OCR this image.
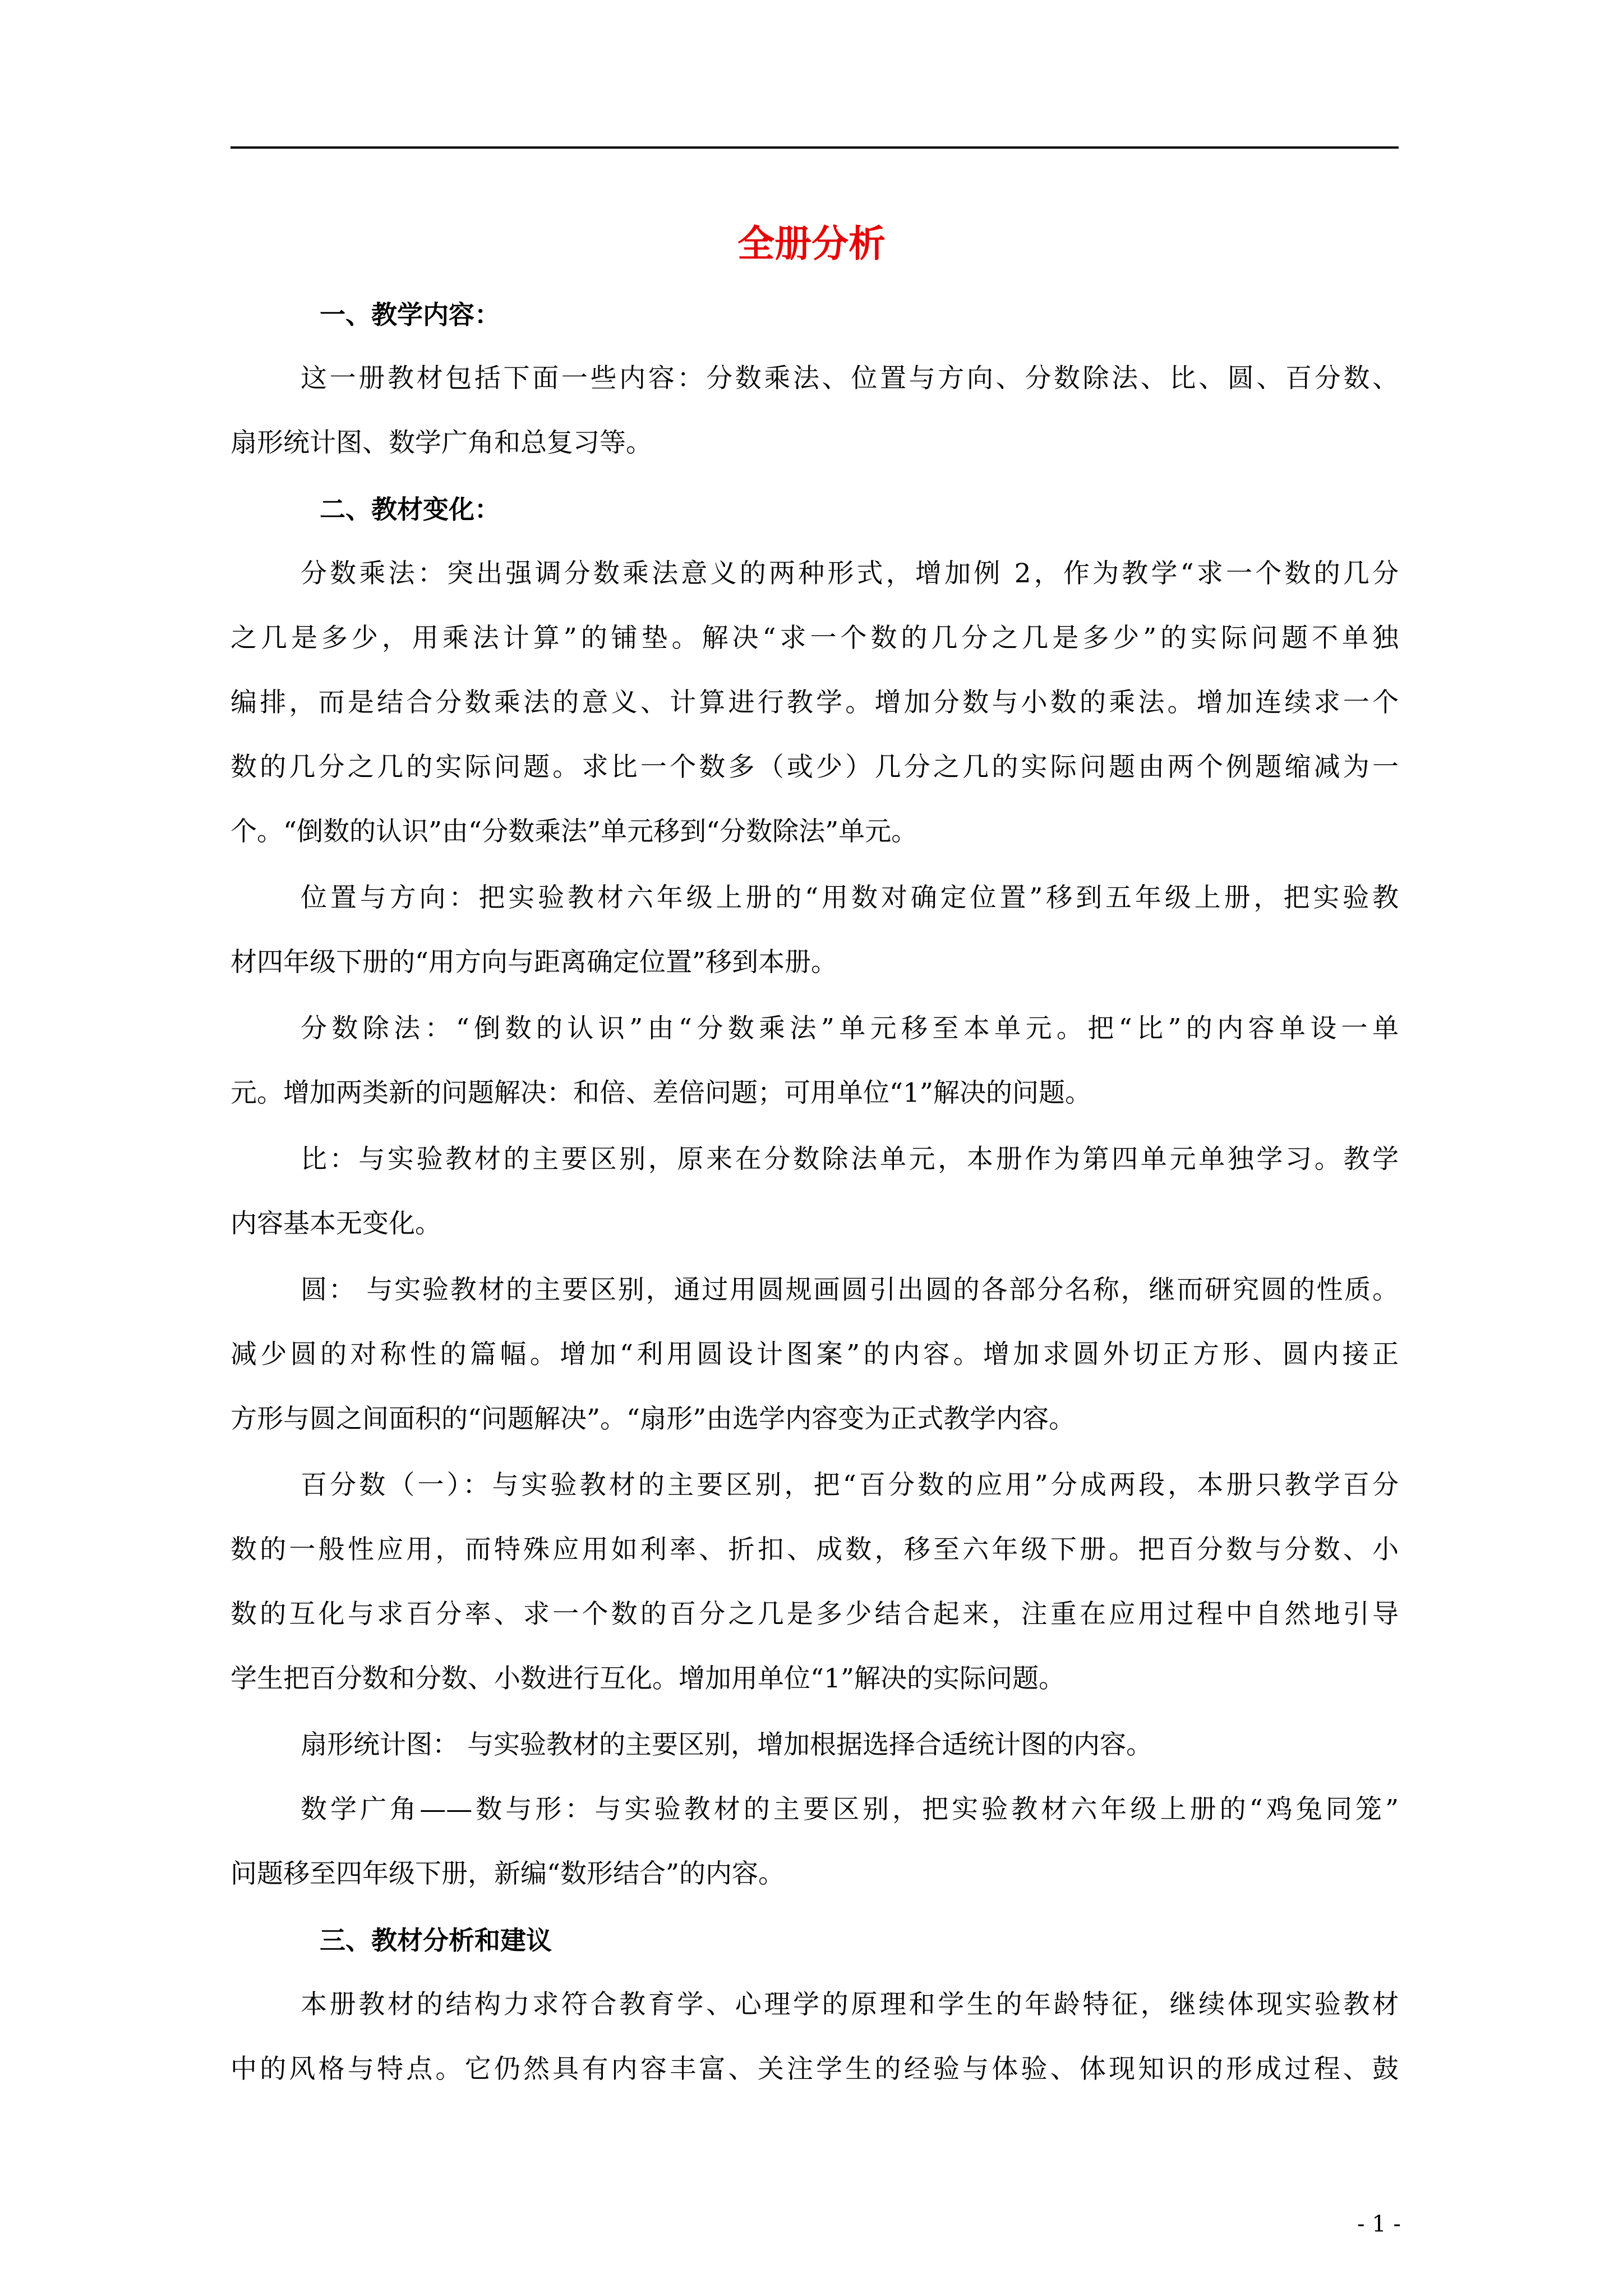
全册分析
一、教学内容：
这一册教材包括下面一些内容：分数乘法、位置与方向、分数除法、比、圆、百分数、
扇形统计图、数学广角和总复习等。
二、教材变化：
分数乘法：突出强调分数乘法意义的两种形式，增加例 2，作为教学“求一个数的几分
之几是多少，用乘法计算”的铺垫。解决“求一个数的几分之几是多少”的实际问题不单独
编排，而是结合分数乘法的意义、计算进行教学。增加分数与小数的乘法。增加连续求一个
数的几分之几的实际问题。求比一个数多（或少）几分之几的实际问题由两个例题缩减为一
个。“倒数的认识”由“分数乘法”单元移到“分数除法”单元。
位置与方向：把实验教材六年级上册的“用数对确定位置”移到五年级上册，把实验教
材四年级下册的“用方向与距离确定位置”移到本册。
分数除法：“倒数的认识”由“分数乘法”单元移至本单元。把“比”的内容单设一单
元。增加两类新的问题解决：和倍、差倍问题；可用单位“1”解决的问题。
比：与实验教材的主要区别，原来在分数除法单元，本册作为第四单元单独学习。教学
内容基本无变化。
圆： 与实验教材的主要区别，通过用圆规画圆引出圆的各部分名称，继而研究圆的性质。
减少圆的对称性的篇幅。增加“利用圆设计图案”的内容。增加求圆外切正方形、圆内接正
方形与圆之间面积的“问题解决”。“扇形”由选学内容变为正式教学内容。
百分数（一）：与实验教材的主要区别，把“百分数的应用”分成两段，本册只教学百分
数的一般性应用，而特殊应用如利率、折扣、成数，移至六年级下册。把百分数与分数、小
数的互化与求百分率、求一个数的百分之几是多少结合起来，注重在应用过程中自然地引导
学生把百分数和分数、小数进行互化。增加用单位“1”解决的实际问题。
扇形统计图： 与实验教材的主要区别，增加根据选择合适统计图的内容。
数学广角——数与形：与实验教材的主要区别，把实验教材六年级上册的“鸡兔同笼”
问题移至四年级下册，新编“数形结合”的内容。
三、教材分析和建议
本册教材的结构力求符合教育学、心理学的原理和学生的年龄特征，继续体现实验教材
中的风格与特点。它仍然具有内容丰富、关注学生的经验与体验、体现知识的形成过程、鼓
- 1 -
